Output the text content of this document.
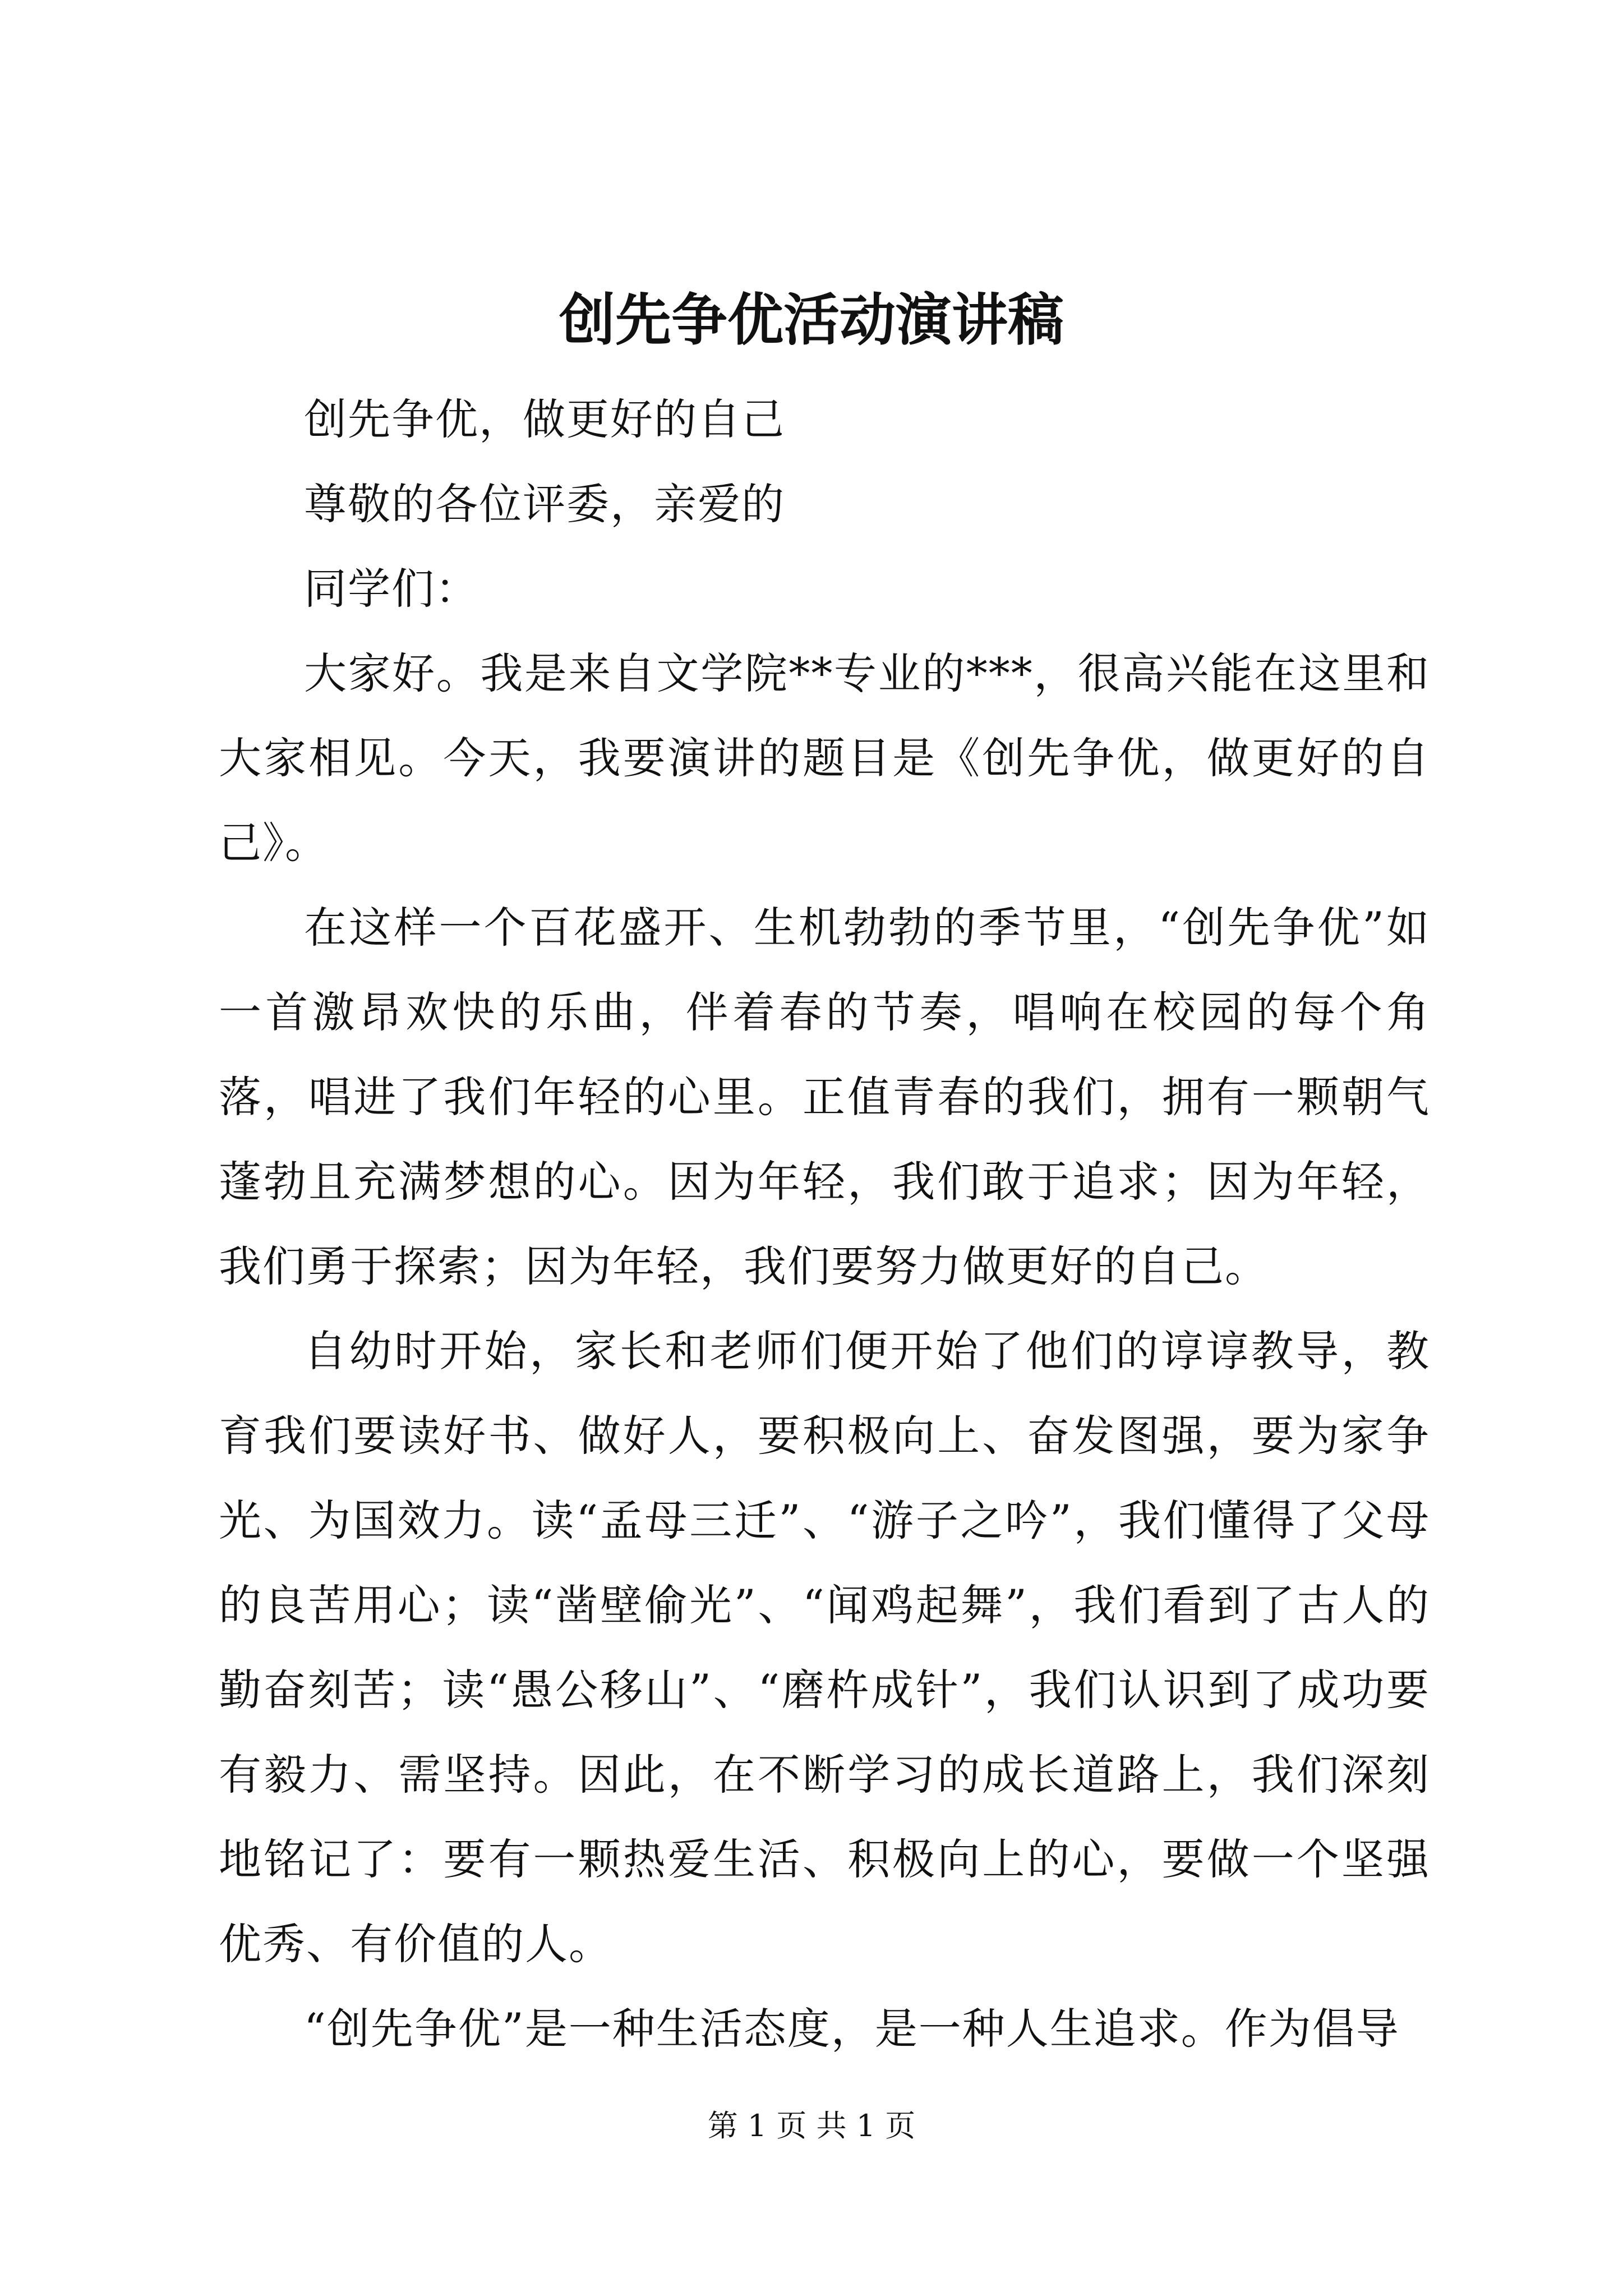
创先争优活动演讲稿

创先争优，做更好的自己

尊敬的各位评委，亲爱的

同学们：

大家好。我是来自文学院**专业的***，很高兴能在这里和大家相见。今天，我要演讲的题目是《创先争优，做更好的自己》。

在这样一个百花盛开、生机勃勃的季节里，“创先争优”如一首激昂欢快的乐曲，伴着春的节奏，唱响在校园的每个角落，唱进了我们年轻的心里。正值青春的我们，拥有一颗朝气蓬勃且充满梦想的心。因为年轻，我们敢于追求；因为年轻，我们勇于探索；因为年轻，我们要努力做更好的自己。

自幼时开始，家长和老师们便开始了他们的谆谆教导，教育我们要读好书、做好人，要积极向上、奋发图强，要为家争光、为国效力。读“孟母三迁”、“游子之吟”，我们懂得了父母的良苦用心；读“凿壁偷光”、“闻鸡起舞”，我们看到了古人的勤奋刻苦；读“愚公移山”、“磨杵成针”，我们认识到了成功要有毅力、需坚持。因此，在不断学习的成长道路上，我们深刻地铭记了：要有一颗热爱生活、积极向上的心，要做一个坚强优秀、有价值的人。

“创先争优”是一种生活态度，是一种人生追求。作为倡导

第 1 页 共 1 页
